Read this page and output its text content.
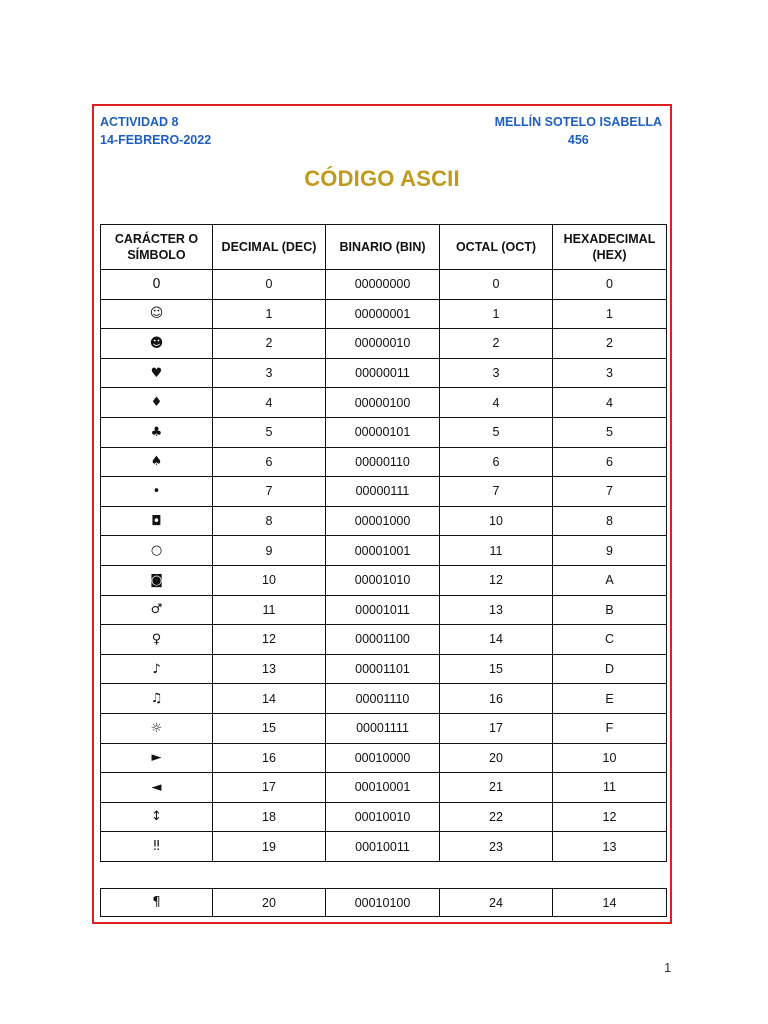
ACTIVIDAD 8
14-FEBRERO-2022
MELLÍN SOTELO ISABELLA
456
CÓDIGO ASCII
CARÁCTER O SÍMBOLO	DECIMAL (DEC)	BINARIO (BIN)	OCTAL (OCT)	HEXADECIMAL (HEX)
0	0	00000000	0	0
☺	1	00000001	1	1
☻	2	00000010	2	2
♥	3	00000011	3	3
♦	4	00000100	4	4
♣	5	00000101	5	5
♠	6	00000110	6	6
•	7	00000111	7	7
◘	8	00001000	10	8
○	9	00001001	11	9
◙	10	00001010	12	A
♂	11	00001011	13	B
♀	12	00001100	14	C
♪	13	00001101	15	D
♫	14	00001110	16	E
☼	15	00001111	17	F
►	16	00010000	20	10
◄	17	00010001	21	11
↕	18	00010010	22	12
‼	19	00010011	23	13
¶	20	00010100	24	14
1
